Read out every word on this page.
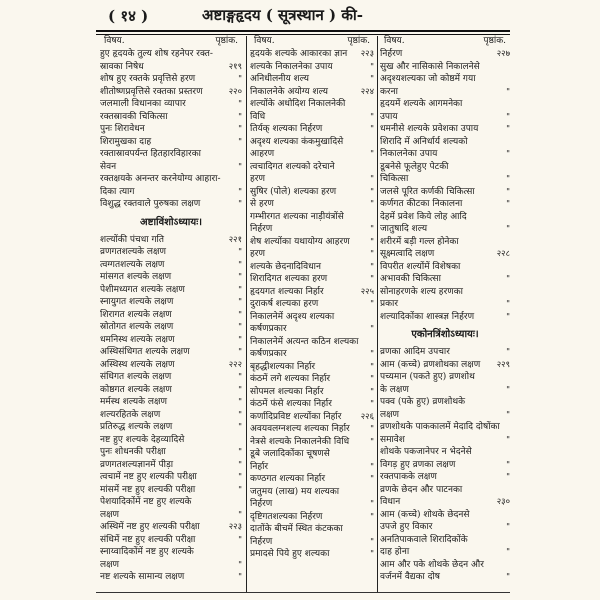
( १४ )	अष्टाङ्गहृदय ( सूत्रस्थान ) की-
विषय.	पृष्ठांक.
हुए हृदयके तुल्य शोष रहनेपर रक्त-
स्रावका निषेध	२१९
शोष हुए रक्तके प्रवृत्तिसे हरण	"
शीतोष्णप्रवृत्तिसे रक्तका प्रस्तरण	२२०
जलमाली विधानका व्यापार	"
रक्तस्रावकी चिकित्सा	"
पुनः शिरावेधन	"
शिरामुखका दाह	"
रक्तास्रावपर्यन्त हितहारविहारका
सेवन	"
रक्तक्षयके अनन्तर करनेयोग्य आहारा-
दिका त्याग	"
विशुद्ध रक्तवाले पुरुषका लक्षण	"
अष्टाविंशोऽध्यायः।
शल्योंकी पंचधा गति	२२१
व्रणगतशल्यके लक्षण	"
त्वग्गतशल्यके लक्षण	"
मांसगत शल्यके लक्षण	"
पेशीमध्यगत शल्यके लक्षण	"
स्नायुगत शल्यके लक्षण	"
शिरागत शल्यके लक्षण	"
स्रोतोगत शल्यके लक्षण	"
धमनिस्थ शल्यके लक्षण	"
अस्थिसंधिगत शल्यके लक्षण	"
अस्थिस्थ शल्यके लक्षण	२२२
संधिगत शल्यके लक्षण	"
कोष्ठगत शल्यके लक्षण	"
मर्मस्थ शल्यके लक्षण	"
शल्यरहितके लक्षण	"
प्रतिरुद्ध शल्यके लक्षण	"
नष्ट हुए शल्यके देहव्यादिसे
पुनः शोधनकी परीक्षा	"
व्रणगतशल्यज्ञानमें पीड़ा	"
त्वचामें नष्ट हुए शल्यकी परीक्षा	"
मांसमें नष्ट हुए शल्यकी परीक्षा	"
पेशयादिकोंमें नष्ट हुए शल्यके
लक्षण	"
अस्थिमें नष्ट हुए शल्यकी परीक्षा	२२३
संधिमें नष्ट हुए शल्यकी परीक्षा	"
स्नाय्वादिकोंमें नष्ट हुए शल्यके
लक्षण	"
नष्ट शल्यके सामान्य लक्षण	"
विषय.	पृष्ठांक.
हृदयके शल्यके आकारका ज्ञान	२२३
शल्यके निकालनेका उपाय	"
अनिधीलनीय शल्य	"
निकालनेके अयोग्य शल्य	२२४
शल्योंके अधोदिश निकालनेकी
विधि	"
तिर्यक् शल्यका निर्हरण	"
अदृश्य शल्यका कंकमुखादिसे
आहरण	"
त्वचादिगत शल्यको दरेचाने
हरण	"
सुषिर (पोले) शल्यका हरण	"
से हरण	"
गम्भीरगत शल्यका नाड़ीयंत्रोंसे
निर्हरण	"
शेष शल्योंका यथायोग्य आहरण	"
हरण	"
शल्यके छेदनादिविधान	"
शिरादिगत शल्यका हरण	"
हृदयगत शल्यका निर्हार	२२५
दुराकर्ष शल्यका हरण	"
निकालनेमें अदृश्य शल्यका
कर्षणप्रकार	"
निकालनेमें अत्यन्त कठिन शल्यका
कर्षणप्रकार	"
बृहद्धीशल्यका निर्हार	"
कंठमें लगे शल्यका निर्हार	"
सोपमल शल्यका निर्हार	"
कंठमें फंसे शल्यका निर्हार	"
कर्णादिप्रविष्ट शल्योंका निर्हार	२२६
अवयवलग्नशल्य शल्यका निर्हार	"
नेत्रसे शल्यके निकालनेकी विधि	"
डूबे जलादिकोंका चूषणसे
निर्हार	"
कण्ठगत शल्यका निर्हार	"
जतुमय (लाख) मय शल्यका
निर्हरण	"
दृष्टिगतशल्यका निर्हरण	"
दातोंके बीचमें स्थित कंटकका
निर्हरण	"
प्रमादसे पिये हुए शल्यका	"
विषय.	पृष्ठांक.
निर्हरण	२२७
सुख और नासिकासे निकालनेसे
अदृश्यशल्यका जो कोष्ठमें गया
करना	"
हृदयमें शल्यके आगमनेका
उपाय	"
धमनीसे शल्यके प्रवेशका उपाय	"
शिरादि में अनिर्धार्य शल्यको
निकालनेका उपाय	"
डूबनेसे फूलेहुए पेटकी
चिकित्सा	"
जलसे पूरित कर्णकी चिकित्सा	"
कर्णगत कीटका निकालना	"
देहमें प्रवेश किये लोह आदि
जातुषादि शल्य	"
शरीरमें बड़ी गल्ल होनेका
सूक्ष्मत्वादि लक्षण	२२८
विपरीत शल्योंमें विशेषका
अभावकी चिकित्सा	"
सोनाहरणके शल्य हरणका
प्रकार	"
शल्यादिकोंका शास्त्रज्ञ निर्हरण	"
एकोनत्रिंशोऽध्यायः।
व्रणका आदिम उपचार	"
आम (कच्चे) व्रणशोथका लक्षण	२२९
पच्यमान (पकते हुए) व्रणशोथ
के लक्षण	"
पक्व (पके हुए) व्रणशोथके
लक्षण	"
व्रणशोथके पाककालमें मेदादि दोषोंका
समावेश	"
शोथके पकजानेपर न भेदनेसे
विगड़ हुए व्रणका लक्षण	"
रक्तपाकके लक्षण	"
व्रणके छेदन और पाटनका
विधान	२३०
आम (कच्चे) शोथके छेदनसे
उपजे हुए विकार	"
अनतिपाकवाले शिरादिकोंके
दाह होना	"
आम और पके शोथके छेदन और
वर्जनमें वैद्यका दोष	"
